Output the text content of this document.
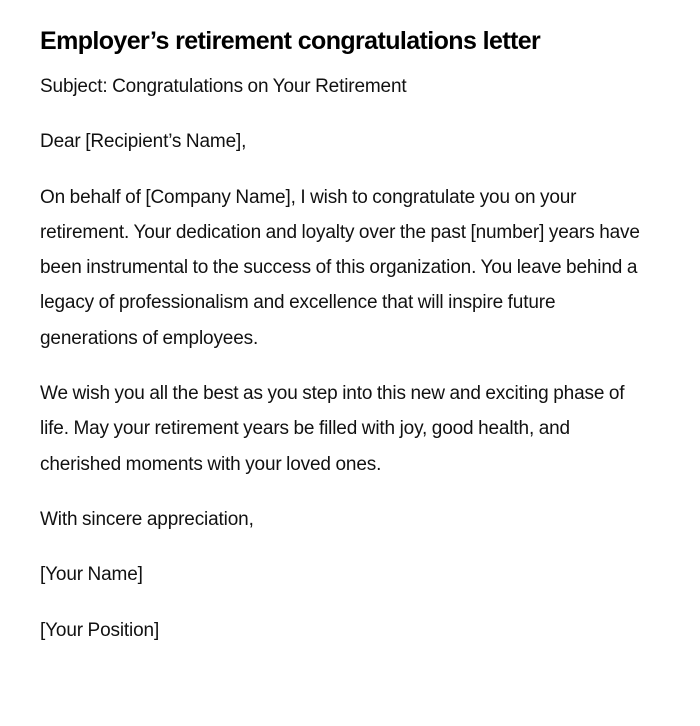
Employer’s retirement congratulations letter

Subject: Congratulations on Your Retirement

Dear [Recipient’s Name],

On behalf of [Company Name], I wish to congratulate you on your retirement. Your dedication and loyalty over the past [number] years have been instrumental to the success of this organization. You leave behind a legacy of professionalism and excellence that will inspire future generations of employees.

We wish you all the best as you step into this new and exciting phase of life. May your retirement years be filled with joy, good health, and cherished moments with your loved ones.

With sincere appreciation,

[Your Name]

[Your Position]
